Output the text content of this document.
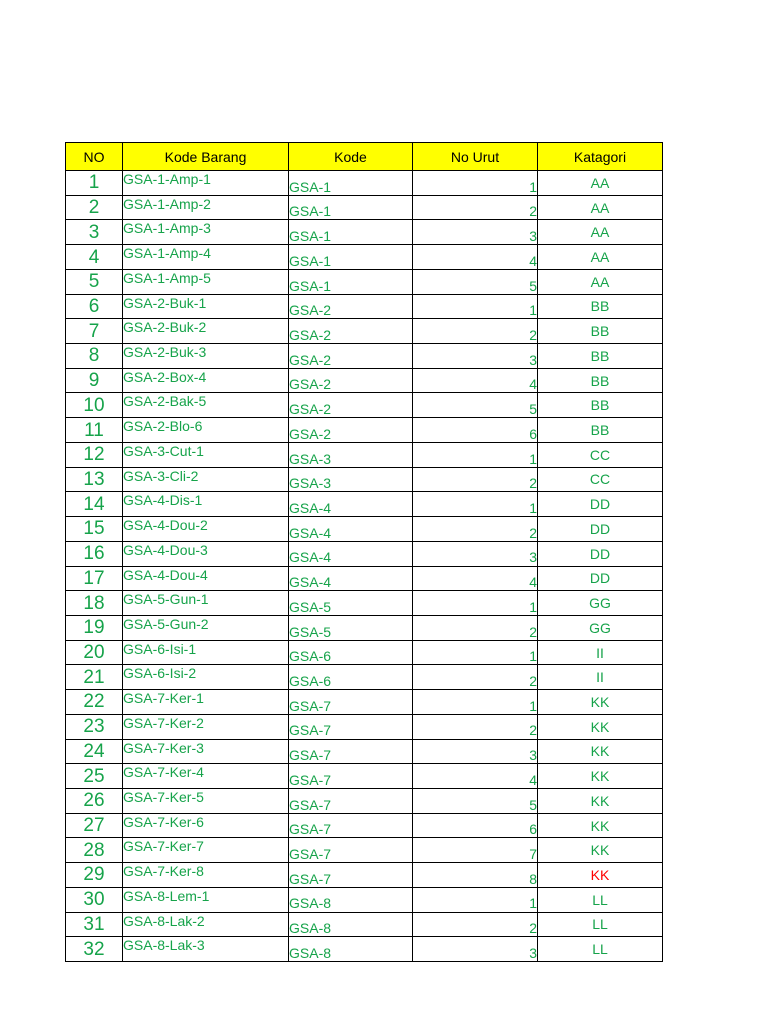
NO	Kode Barang	Kode	No Urut	Katagori
1	GSA-1-Amp-1	GSA-1	1	AA
2	GSA-1-Amp-2	GSA-1	2	AA
3	GSA-1-Amp-3	GSA-1	3	AA
4	GSA-1-Amp-4	GSA-1	4	AA
5	GSA-1-Amp-5	GSA-1	5	AA
6	GSA-2-Buk-1	GSA-2	1	BB
7	GSA-2-Buk-2	GSA-2	2	BB
8	GSA-2-Buk-3	GSA-2	3	BB
9	GSA-2-Box-4	GSA-2	4	BB
10	GSA-2-Bak-5	GSA-2	5	BB
11	GSA-2-Blo-6	GSA-2	6	BB
12	GSA-3-Cut-1	GSA-3	1	CC
13	GSA-3-Cli-2	GSA-3	2	CC
14	GSA-4-Dis-1	GSA-4	1	DD
15	GSA-4-Dou-2	GSA-4	2	DD
16	GSA-4-Dou-3	GSA-4	3	DD
17	GSA-4-Dou-4	GSA-4	4	DD
18	GSA-5-Gun-1	GSA-5	1	GG
19	GSA-5-Gun-2	GSA-5	2	GG
20	GSA-6-Isi-1	GSA-6	1	II
21	GSA-6-Isi-2	GSA-6	2	II
22	GSA-7-Ker-1	GSA-7	1	KK
23	GSA-7-Ker-2	GSA-7	2	KK
24	GSA-7-Ker-3	GSA-7	3	KK
25	GSA-7-Ker-4	GSA-7	4	KK
26	GSA-7-Ker-5	GSA-7	5	KK
27	GSA-7-Ker-6	GSA-7	6	KK
28	GSA-7-Ker-7	GSA-7	7	KK
29	GSA-7-Ker-8	GSA-7	8	KK
30	GSA-8-Lem-1	GSA-8	1	LL
31	GSA-8-Lak-2	GSA-8	2	LL
32	GSA-8-Lak-3	GSA-8	3	LL
